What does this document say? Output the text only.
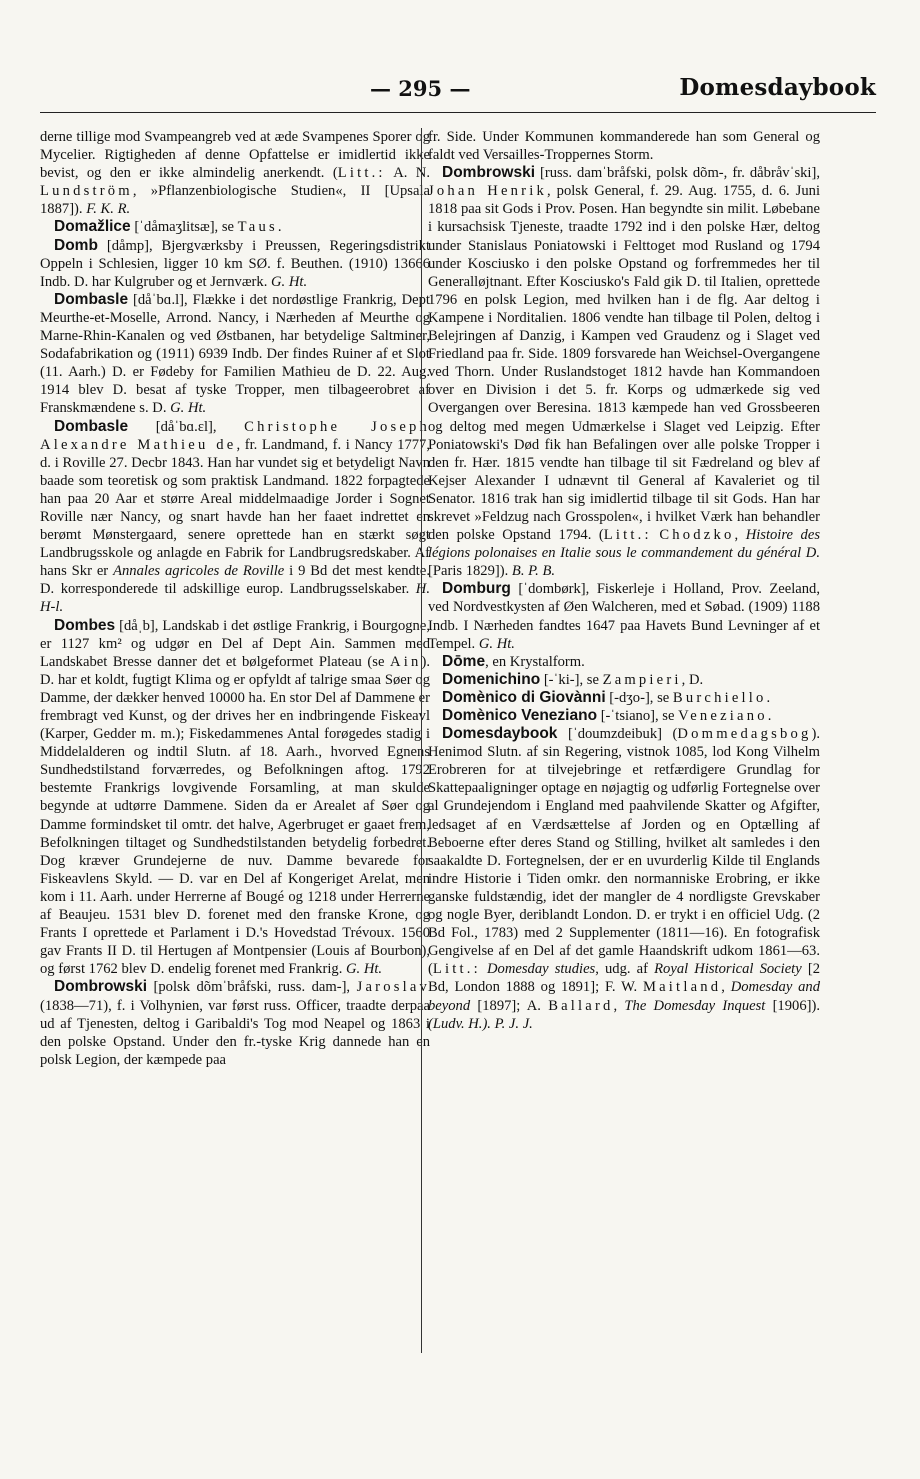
— 295 —	Domesdaybook

derne tillige mod Svampeangreb ved at æde Svampenes Sporer og Mycelier. Rigtigheden af denne Opfattelse er imidlertid ikke bevist, og den er ikke almindelig anerkendt. (Litt.: A. N. Lundström, »Pflanzenbiologische Studien«, II [Upsala 1887]). F. K. R.

Domažlice [ˈdåmaʒlitsæ], se Taus.

Domb [dåmp], Bjergværksby i Preussen, Regeringsdistrikt Oppeln i Schlesien, ligger 10 km SØ. f. Beuthen. (1910) 13666 Indb. D. har Kulgruber og et Jernværk. G. Ht.

Dombasle [dåˈbɑ.l], Flække i det nordøstlige Frankrig, Dept Meurthe-et-Moselle, Arrond. Nancy, i Nærheden af Meurthe og Marne-Rhin-Kanalen og ved Østbanen, har betydelige Saltminer, Sodafabrikation og (1911) 6939 Indb. Der findes Ruiner af et Slot (11. Aarh.) D. er Fødeby for Familien Mathieu de D. 22. Aug. 1914 blev D. besat af tyske Tropper, men tilbageerobret af Franskmændene s. D. G. Ht.

Dombasle [dåˈbɑ.ɛl], Christophe Joseph Alexandre Mathieu de, fr. Landmand, f. i Nancy 1777, d. i Roville 27. Decbr 1843. Han har vundet sig et betydeligt Navn baade som teoretisk og som praktisk Landmand. 1822 forpagtede han paa 20 Aar et større Areal middelmaadige Jorder i Sognet Roville nær Nancy, og snart havde han her faaet indrettet en berømt Mønstergaard, senere oprettede han en stærkt søgt Landbrugsskole og anlagde en Fabrik for Landbrugsredskaber. Af hans Skr er Annales agricoles de Roville i 9 Bd det mest kendte. D. korresponderede til adskillige europ. Landbrugsselskaber. H. H-l.

Dombes [dåˌb], Landskab i det østlige Frankrig, i Bourgogne, er 1127 km² og udgør en Del af Dept Ain. Sammen med Landskabet Bresse danner det et bølgeformet Plateau (se Ain). D. har et koldt, fugtigt Klima og er opfyldt af talrige smaa Søer og Damme, der dækker henved 10000 ha. En stor Del af Dammene er frembragt ved Kunst, og der drives her en indbringende Fiskeavl (Karper, Gedder m. m.); Fiskedammenes Antal forøgedes stadig i Middelalderen og indtil Slutn. af 18. Aarh., hvorved Egnens Sundhedstilstand forværredes, og Befolkningen aftog. 1792 bestemte Frankrigs lovgivende Forsamling, at man skulde begynde at udtørre Dammene. Siden da er Arealet af Søer og Damme formindsket til omtr. det halve, Agerbruget er gaaet frem, Befolkningen tiltaget og Sundhedstilstanden betydelig forbedret. Dog kræver Grundejerne de nuv. Damme bevarede for Fiskeavlens Skyld. — D. var en Del af Kongeriget Arelat, men kom i 11. Aarh. under Herrerne af Bougé og 1218 under Herrerne af Beaujeu. 1531 blev D. forenet med den franske Krone, og Frants I oprettede et Parlament i D.'s Hovedstad Trévoux. 1560 gav Frants II D. til Hertugen af Montpensier (Louis af Bourbon), og først 1762 blev D. endelig forenet med Frankrig. G. Ht.

Dombrowski [polsk dõmˈbråfski, russ. dam-], Jaroslav (1838—71), f. i Volhynien, var først russ. Officer, traadte derpaa ud af Tjenesten, deltog i Garibaldi's Tog mod Neapel og 1863 i den polske Opstand. Under den fr.-tyske Krig dannede han en polsk Legion, der kæmpede paa

fr. Side. Under Kommunen kommanderede han som General og faldt ved Versailles-Troppernes Storm.

Dombrowski [russ. damˈbråfski, polsk dõm-, fr. dåbråvˈski], Johan Henrik, polsk General, f. 29. Aug. 1755, d. 6. Juni 1818 paa sit Gods i Prov. Posen. Han begyndte sin milit. Løbebane i kursachsisk Tjeneste, traadte 1792 ind i den polske Hær, deltog under Stanislaus Poniatowski i Felttoget mod Rusland og 1794 under Kosciusko i den polske Opstand og forfremmedes her til Generalløjtnant. Efter Kosciusko's Fald gik D. til Italien, oprettede 1796 en polsk Legion, med hvilken han i de flg. Aar deltog i Kampene i Norditalien. 1806 vendte han tilbage til Polen, deltog i Belejringen af Danzig, i Kampen ved Graudenz og i Slaget ved Friedland paa fr. Side. 1809 forsvarede han Weichsel-Overgangene ved Thorn. Under Ruslandstoget 1812 havde han Kommandoen over en Division i det 5. fr. Korps og udmærkede sig ved Overgangen over Beresina. 1813 kæmpede han ved Grossbeeren og deltog med megen Udmærkelse i Slaget ved Leipzig. Efter Poniatowski's Død fik han Befalingen over alle polske Tropper i den fr. Hær. 1815 vendte han tilbage til sit Fædreland og blev af Kejser Alexander I udnævnt til General af Kavaleriet og til Senator. 1816 trak han sig imidlertid tilbage til sit Gods. Han har skrevet »Feldzug nach Grosspolen«, i hvilket Værk han behandler den polske Opstand 1794. (Litt.: Chodzko, Histoire des légions polonaises en Italie sous le commandement du général D. [Paris 1829]). B. P. B.

Domburg [ˈdombørk], Fiskerleje i Holland, Prov. Zeeland, ved Nordvestkysten af Øen Walcheren, med et Søbad. (1909) 1188 Indb. I Nærheden fandtes 1647 paa Havets Bund Levninger af et Tempel. G. Ht.

Dōme, en Krystalform.

Domenichino [-ˈki-], se Zampieri, D.

Domènico di Giovànni [-dʒo-], se Burchiello.

Domènico Veneziano [-ˈtsiano], se Veneziano.

Domesdaybook [ˈdoumzdeibuk] (Dommedagsbog). Henimod Slutn. af sin Regering, vistnok 1085, lod Kong Vilhelm Erobreren for at tilvejebringe et retfærdigere Grundlag for Skattepaaligninger optage en nøjagtig og udførlig Fortegnelse over al Grundejendom i England med paahvilende Skatter og Afgifter, ledsaget af en Værdsættelse af Jorden og en Optælling af Beboerne efter deres Stand og Stilling, hvilket alt samledes i den saakaldte D. Fortegnelsen, der er en uvurderlig Kilde til Englands indre Historie i Tiden omkr. den normanniske Erobring, er ikke ganske fuldstændig, idet der mangler de 4 nordligste Grevskaber og nogle Byer, deriblandt London. D. er trykt i en officiel Udg. (2 Bd Fol., 1783) med 2 Supplementer (1811—16). En fotografisk Gengivelse af en Del af det gamle Haandskrift udkom 1861—63. (Litt.: Domesday studies, udg. af Royal Historical Society [2 Bd, London 1888 og 1891]; F. W. Maitland, Domesday and beyond [1897]; A. Ballard, The Domesday Inquest [1906]). (Ludv. H.). P. J. J.
